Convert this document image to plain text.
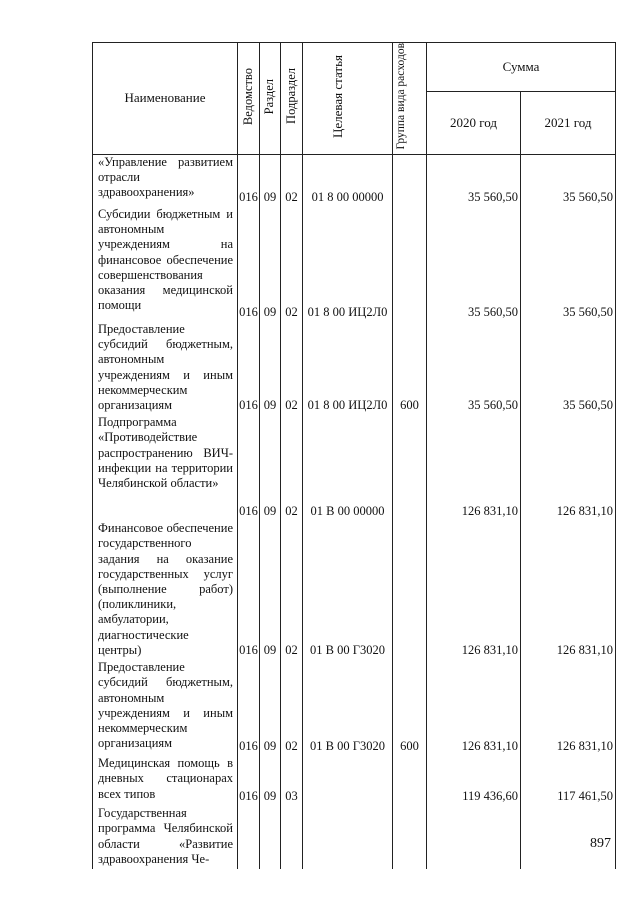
Наименование	Ведомство	Раздел	Подраздел	Целевая статья	Группа вида расходов	Сумма	
						2020 год	2021 год
«Управление развитием отрасли здравоохранения»	016	09	02	01 8 00 00000		35 560,50	35 560,50
Субсидии бюджетным и автономным учреждениям на финансовое обеспечение совершенствования оказания медицинской помощи	016	09	02	01 8 00 ИЦ2Л0		35 560,50	35 560,50
Предоставление субсидий бюджетным, автономным учреждениям и иным некоммерческим организациям	016	09	02	01 8 00 ИЦ2Л0	600	35 560,50	35 560,50
Подпрограмма «Противодействие распространению ВИЧ-инфекции на территории Челябинской области»	016	09	02	01 В 00 00000		126 831,10	126 831,10
Финансовое обеспечение государственного задания на оказание государственных услуг (выполнение работ) (поликлиники, амбулатории, диагностические центры)	016	09	02	01 В 00 Г3020		126 831,10	126 831,10
Предоставление субсидий бюджетным, автономным учреждениям и иным некоммерческим организациям	016	09	02	01 В 00 Г3020	600	126 831,10	126 831,10
Медицинская помощь в дневных стационарах всех типов	016	09	03			119 436,60	117 461,50
Государственная программа Челябинской области «Развитие здравоохранения Че-							
897
